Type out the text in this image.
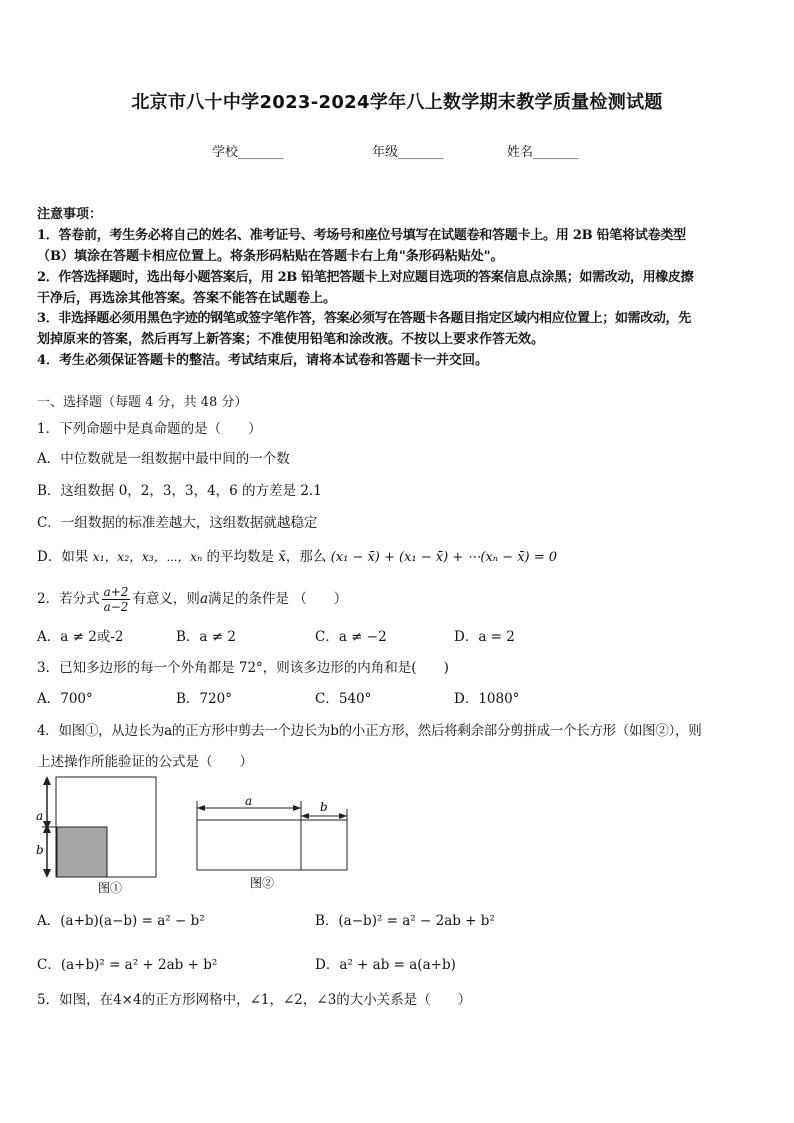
北京市八十中学2023-2024学年八上数学期末教学质量检测试题
学校_______	年级_______	姓名_______
注意事项：
1．答卷前，考生务必将自己的姓名、准考证号、考场号和座位号填写在试题卷和答题卡上。用 2B 铅笔将试卷类型
（B）填涂在答题卡相应位置上。将条形码粘贴在答题卡右上角"条形码粘贴处"。
2．作答选择题时，选出每小题答案后，用 2B 铅笔把答题卡上对应题目选项的答案信息点涂黑；如需改动，用橡皮擦
干净后，再选涂其他答案。答案不能答在试题卷上。
3．非选择题必须用黑色字迹的钢笔或签字笔作答，答案必须写在答题卡各题目指定区域内相应位置上；如需改动，先
划掉原来的答案，然后再写上新答案；不准使用铅笔和涂改液。不按以上要求作答无效。
4．考生必须保证答题卡的整洁。考试结束后，请将本试卷和答题卡一并交回。
一、选择题（每题 4 分，共 48 分）
1．下列命题中是真命题的是（　　）
A．中位数就是一组数据中最中间的一个数
B．这组数据 0，2，3，3，4，6 的方差是 2.1
C．一组数据的标准差越大，这组数据就越稳定
D．如果 x₁，x₂，x₃，⋯，xₙ 的平均数是 x̄，那么 (x₁ − x̄) + (x₁ − x̄) + ⋯(xₙ − x̄) = 0
2．若分式 $\frac{a+2}{a-2}$ 有意义，则a满足的条件是 （　　）
A．a ≠ 2或-2	B．a ≠ 2	C．a ≠ −2	D．a = 2
3．已知多边形的每一个外角都是 72°，则该多边形的内角和是(　　)
A．700°	B．720°	C．540°	D．1080°
4．如图①，从边长为a的正方形中剪去一个边长为b的小正方形，然后将剩余部分剪拼成一个长方形（如图②），则
上述操作所能验证的公式是（　　）
a
b
图①
a	b
图②
A．(a+b)(a−b) = a² − b²	B．(a−b)² = a² − 2ab + b²
C．(a+b)² = a² + 2ab + b²	D．a² + ab = a(a+b)
5．如图，在4×4的正方形网格中，∠1，∠2，∠3的大小关系是（　　）
